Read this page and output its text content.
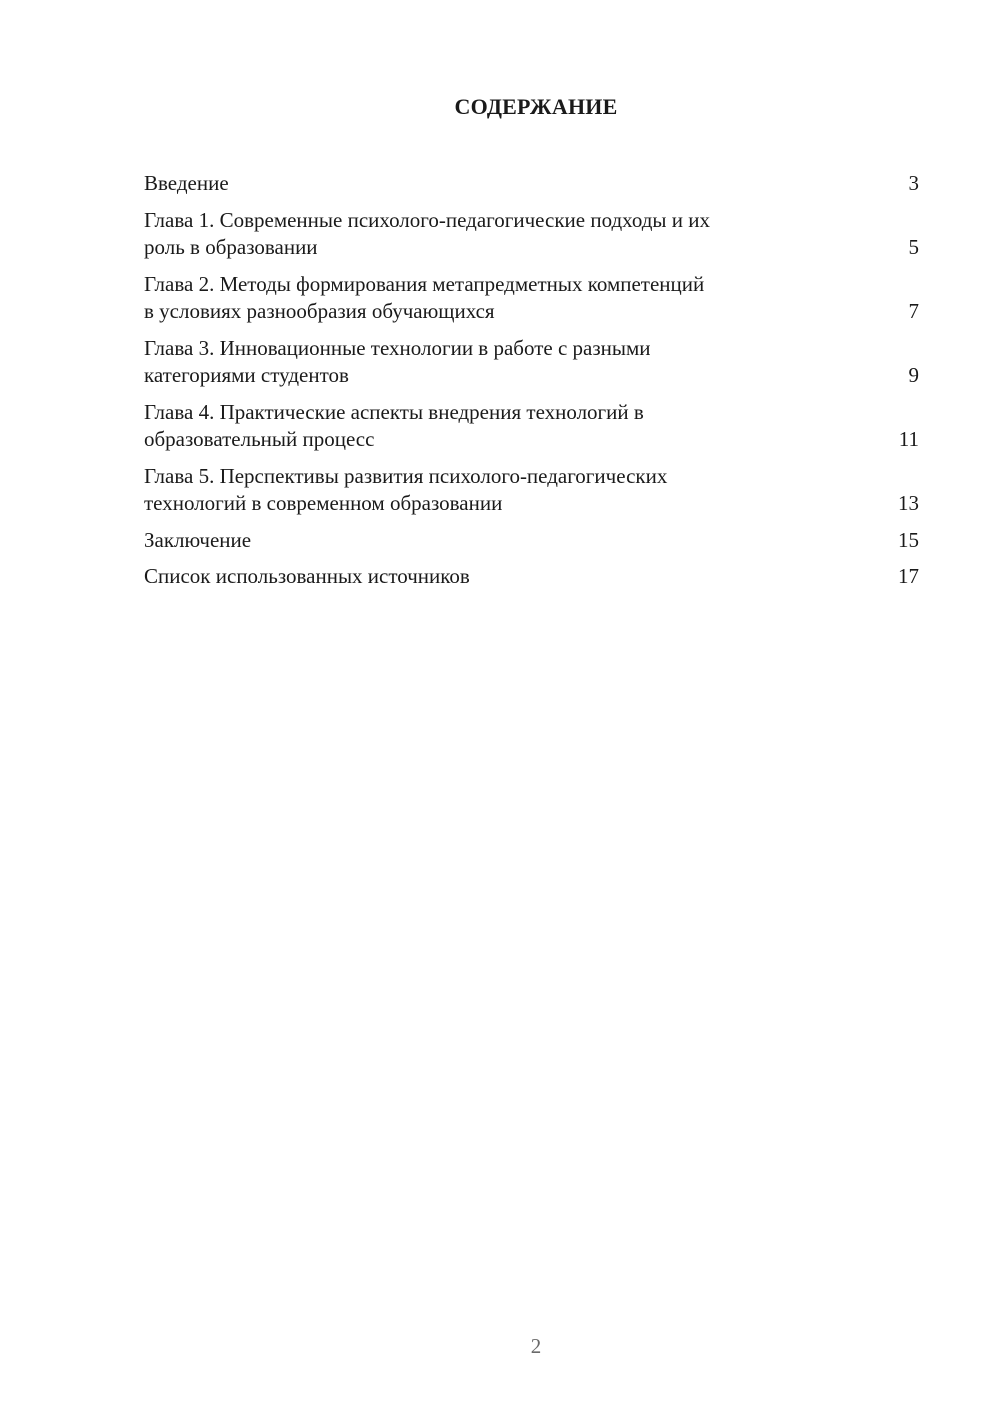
СОДЕРЖАНИЕ
Введение	3
Глава 1. Современные психолого-педагогические подходы и их
роль в образовании	5
Глава 2. Методы формирования метапредметных компетенций
в условиях разнообразия обучающихся	7
Глава 3. Инновационные технологии в работе с разными
категориями студентов	9
Глава 4. Практические аспекты внедрения технологий в
образовательный процесс	11
Глава 5. Перспективы развития психолого-педагогических
технологий в современном образовании	13
Заключение	15
Список использованных источников	17
2
